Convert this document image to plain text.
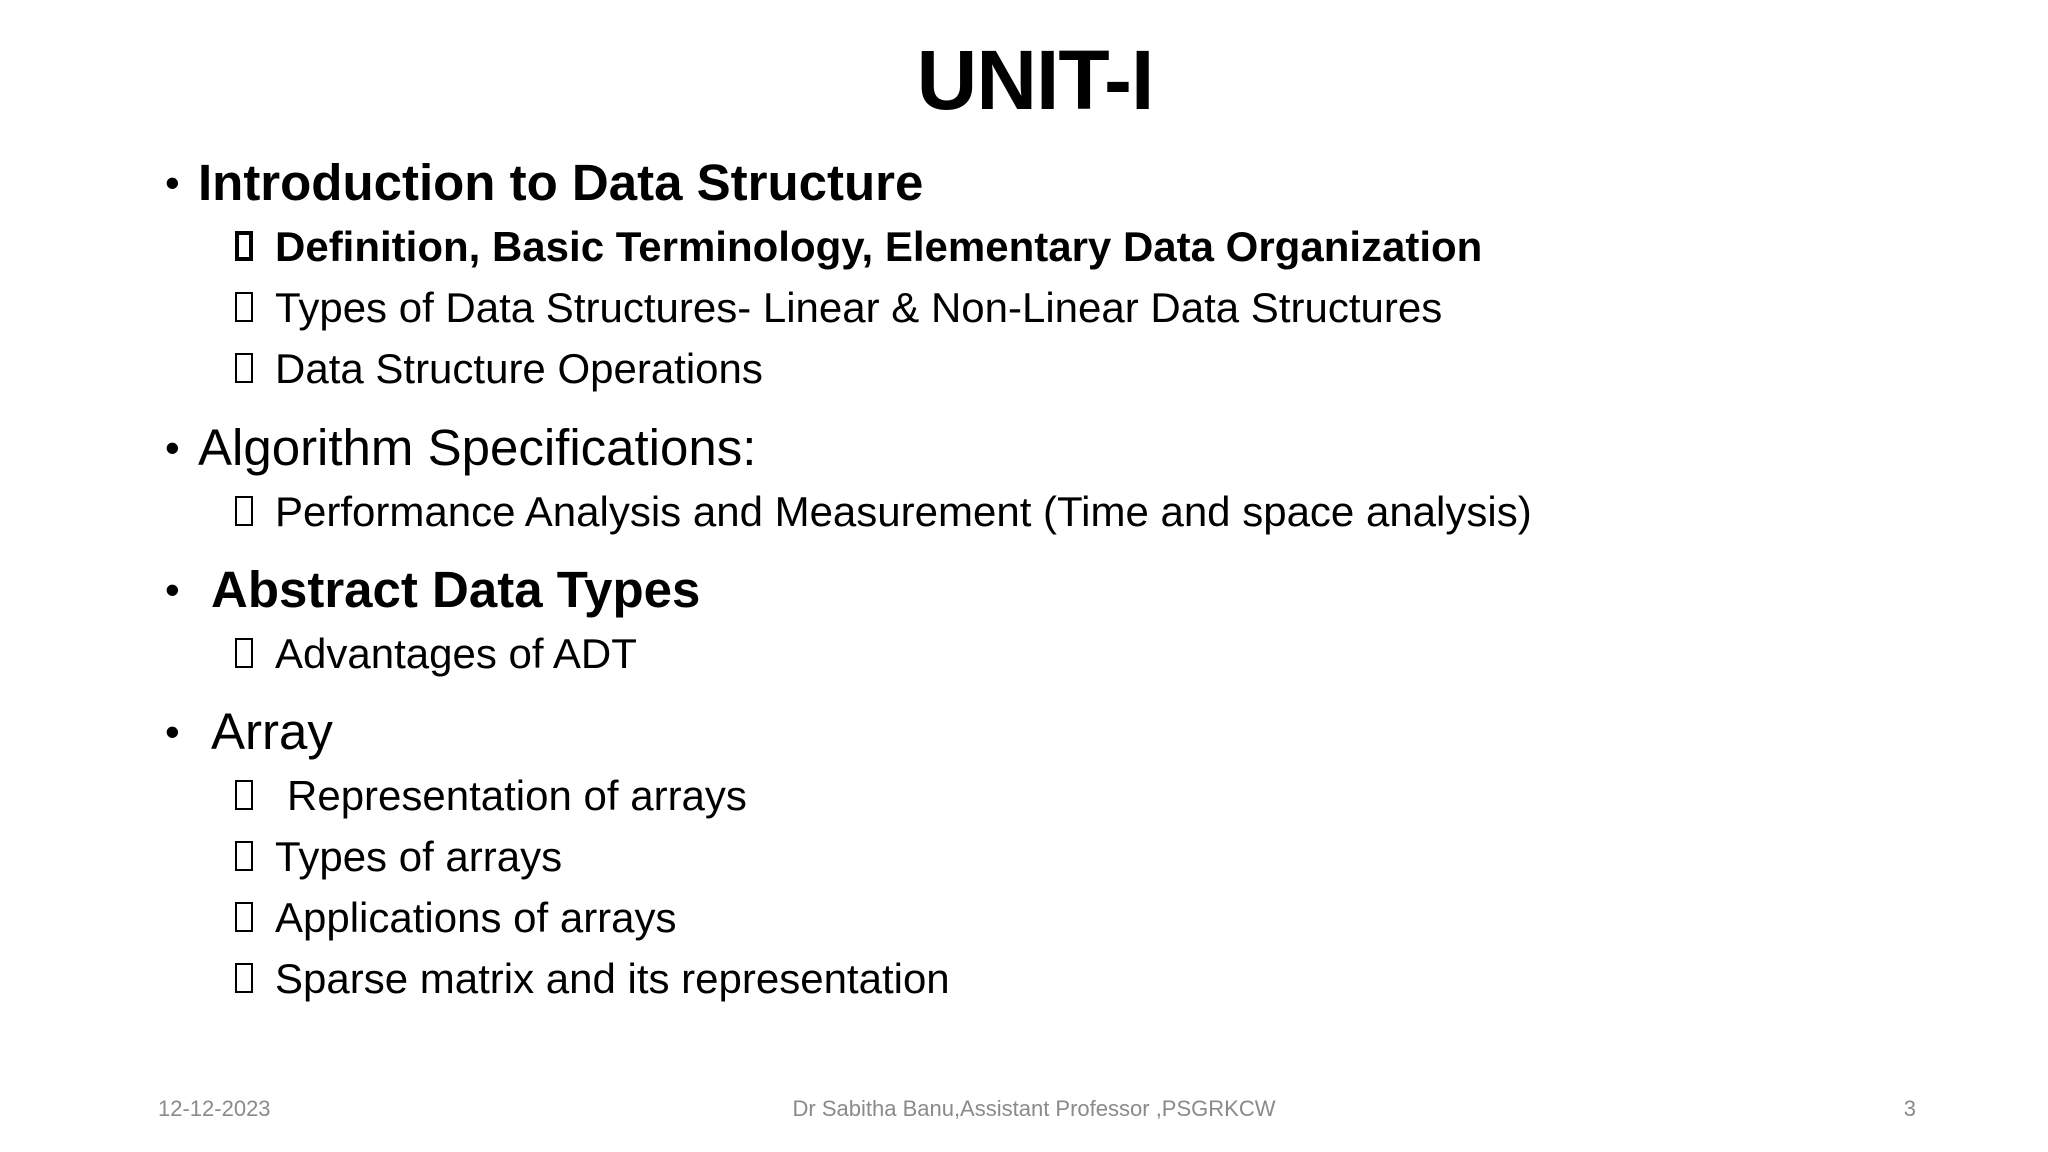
UNIT-I
• Introduction to Data Structure
Definition, Basic Terminology, Elementary Data Organization
Types of Data Structures- Linear & Non-Linear Data Structures
Data Structure Operations
• Algorithm Specifications:
Performance Analysis and Measurement (Time and space analysis)
• Abstract Data Types
Advantages of ADT
• Array
Representation of arrays
Types of arrays
Applications of arrays
Sparse matrix and its representation
12-12-2023	Dr Sabitha Banu,Assistant Professor ,PSGRKCW	3
